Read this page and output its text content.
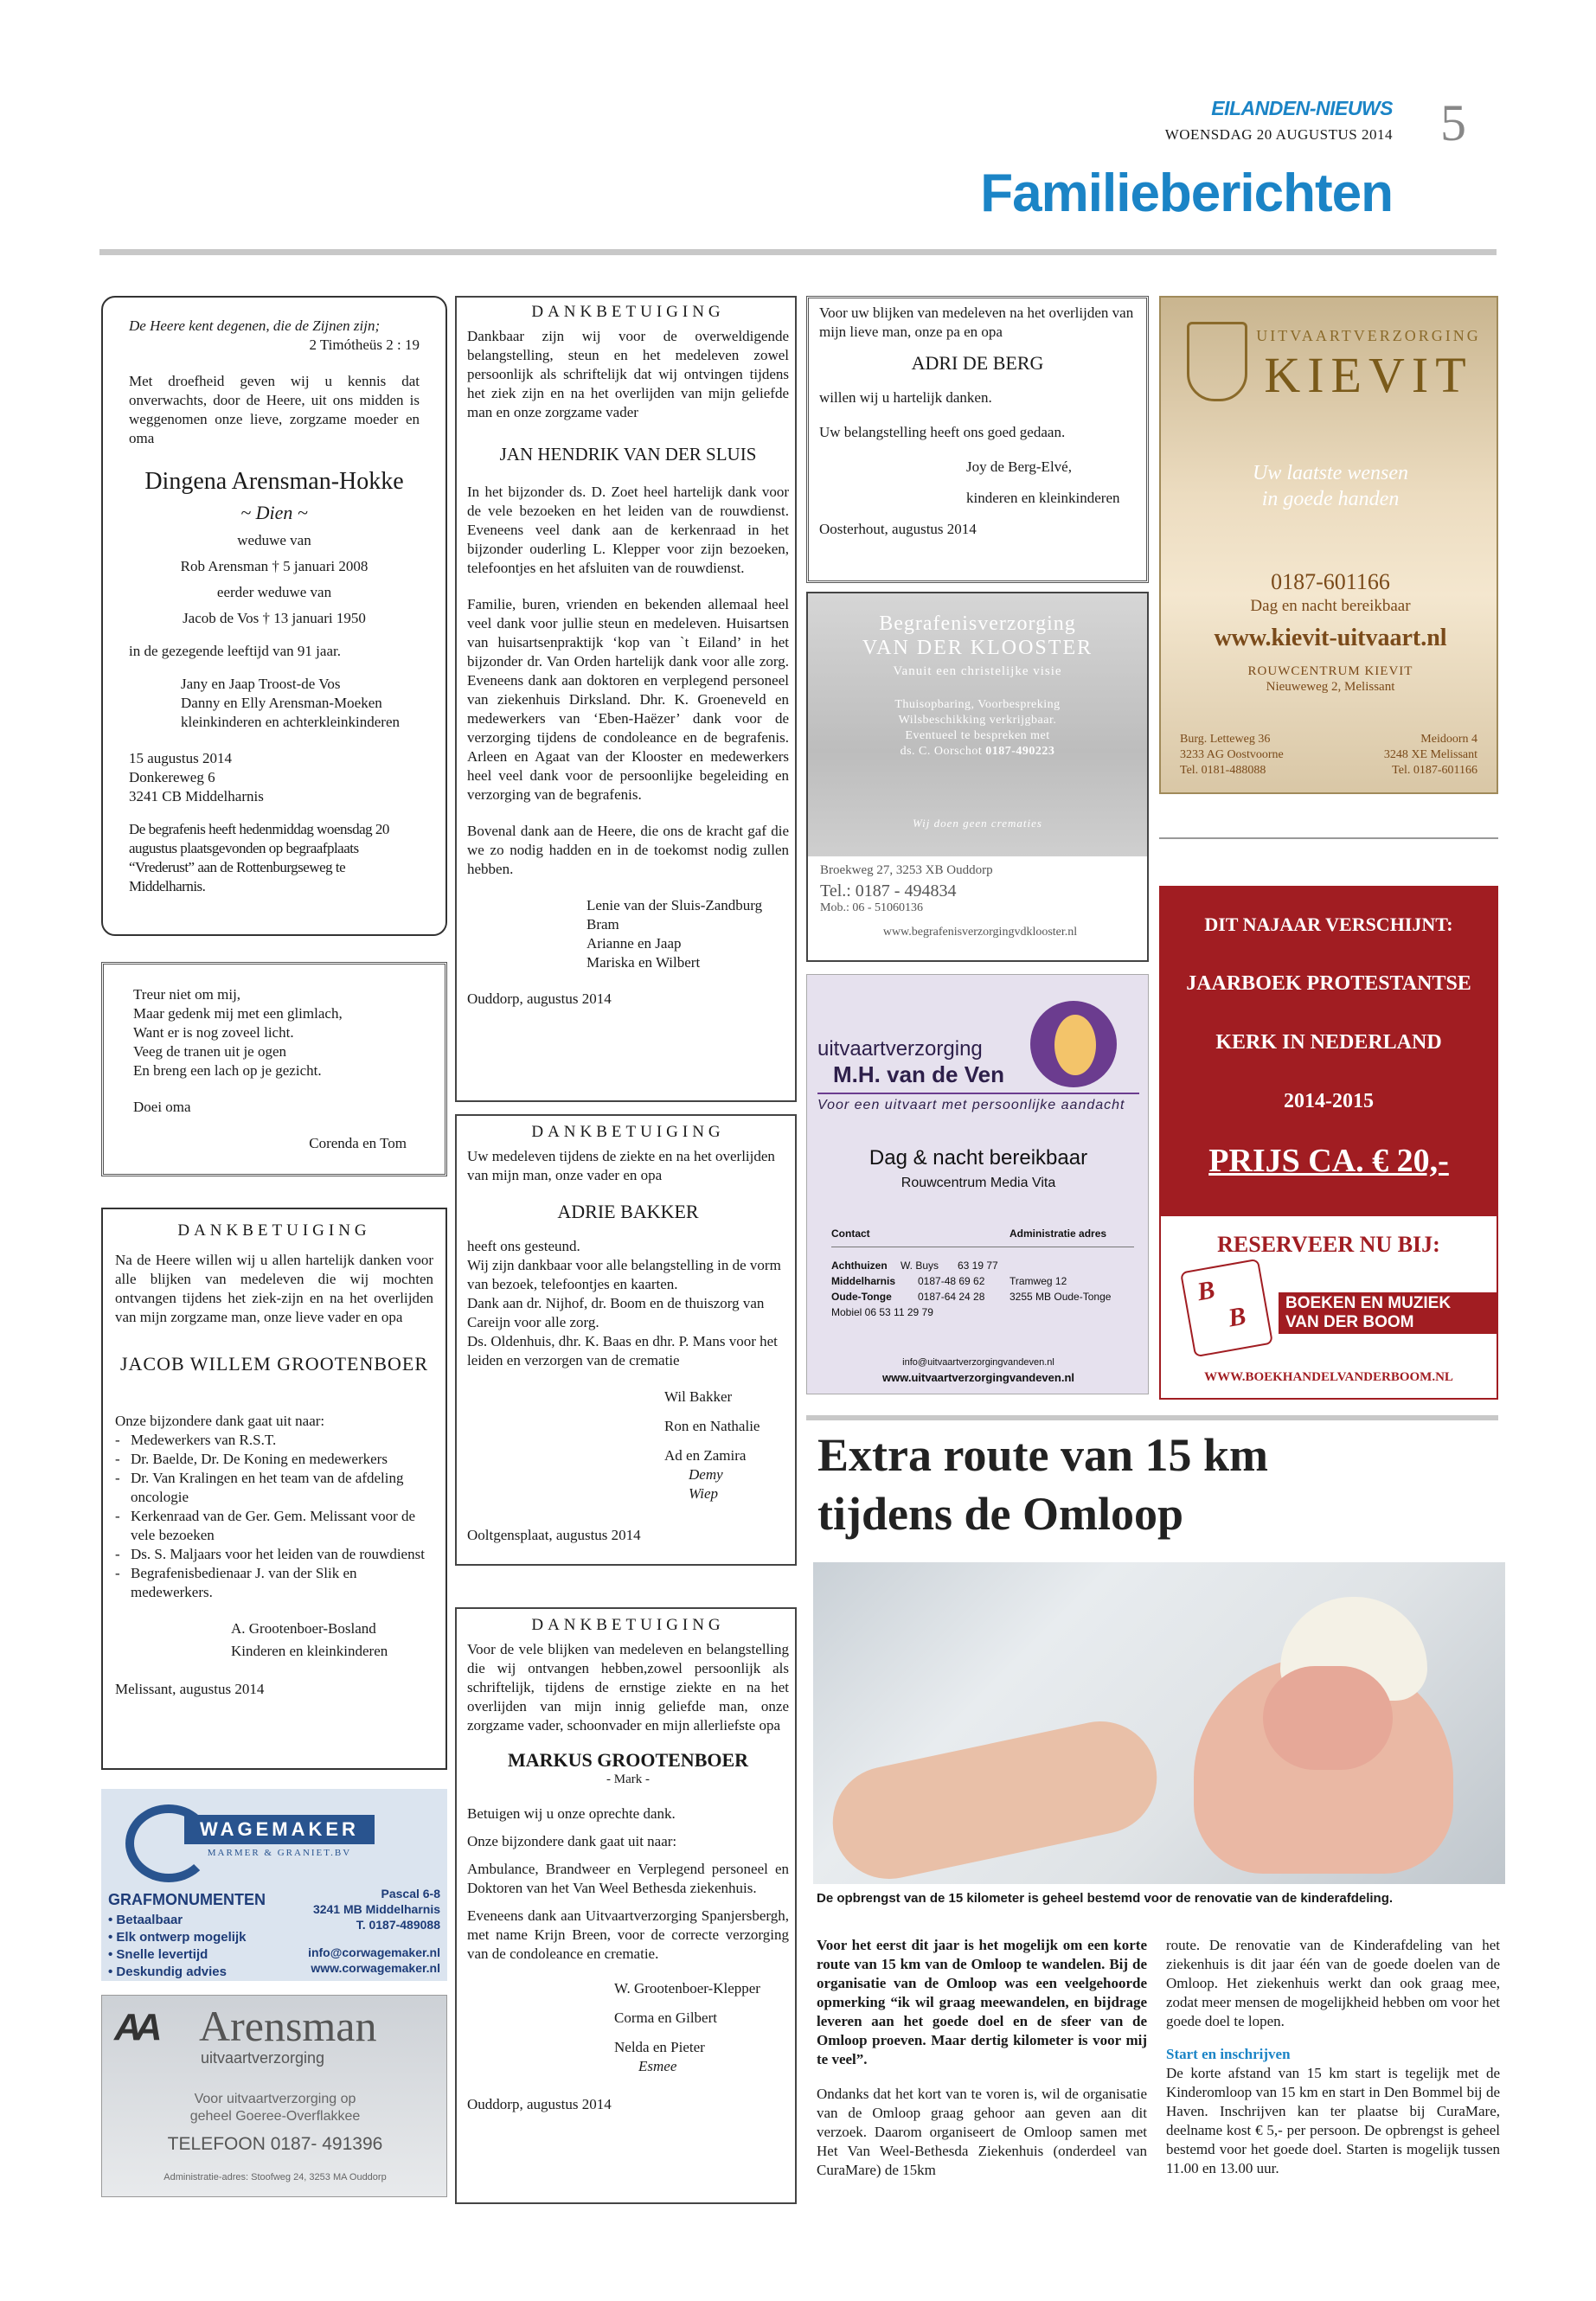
EILANDEN-NIEUWS
WOENSDAG 20 AUGUSTUS 2014 5
Familieberichten

De Heere kent degenen, die de Zijnen zijn;

2 Timótheüs 2 : 19

Met droefheid geven wij u kennis dat onverwachts, door de Heere, uit ons midden is weggenomen onze lieve, zorgzame moeder en oma

Dingena Arensman-Hokke

~ Dien ~

weduwe van

Rob Arensman † 5 januari 2008

eerder weduwe van

Jacob de Vos † 13 januari 1950

in de gezegende leeftijd van 91 jaar.

Jany en Jaap Troost-de Vos

Danny en Elly Arensman-Moeken

kleinkinderen en achterkleinkinderen

15 augustus 2014

Donkereweg 6

3241 CB Middelharnis

De begrafenis heeft hedenmiddag woensdag 20 augustus plaatsgevonden op begraafplaats “Vrederust” aan de Rottenburgseweg te Middelharnis.

Treur niet om mij,

Maar gedenk mij met een glimlach,

Want er is nog zoveel licht.

Veeg de tranen uit je ogen

En breng een lach op je gezicht.

Doei oma

Corenda en Tom

DANKBETUIGING

Na de Heere willen wij u allen hartelijk danken voor alle blijken van medeleven die wij mochten ontvangen tijdens het ziek-zijn en na het overlijden van mijn zorgzame man, onze lieve vader en opa

JACOB WILLEM GROOTENBOER

Onze bijzondere dank gaat uit naar:

- Medewerkers van R.S.T.
- Dr. Baelde, Dr. De Koning en medewerkers
- Dr. Van Kralingen en het team van de afdeling oncologie
- Kerkenraad van de Ger. Gem. Melissant voor de vele bezoeken
- Ds. S. Maljaars voor het leiden van de rouwdienst
- Begrafenisbedienaar J. van der Slik en medewerkers.

A. Grootenboer-Bosland

Kinderen en kleinkinderen

Melissant, augustus 2014

WAGEMAKER
MARMER & GRANIET.BV
GRAFMONUMENTEN
• Betaalbaar
• Elk ontwerp mogelijk
• Snelle levertijd
• Deskundig advies
Pascal 6-8
3241 MB Middelharnis
T. 0187-489088
info@corwagemaker.nl
www.corwagemaker.nl
AA Arensman
uitvaartverzorging
Voor uitvaartverzorging op
geheel Goeree-Overflakkee
TELEFOON 0187- 491396
Administratie-adres: Stoofweg 24, 3253 MA Ouddorp

DANKBETUIGING

Dankbaar zijn wij voor de overweldigende belangstelling, steun en het medeleven zowel persoonlijk als schriftelijk dat wij ontvingen tijdens het ziek zijn en na het overlijden van mijn geliefde man en onze zorgzame vader

JAN HENDRIK VAN DER SLUIS

In het bijzonder ds. D. Zoet heel hartelijk dank voor de vele bezoeken en het leiden van de rouwdienst. Eveneens veel dank aan de kerkenraad in het bijzonder ouderling L. Klepper voor zijn bezoeken, telefoontjes en het afsluiten van de rouwdienst.

Familie, buren, vrienden en bekenden allemaal heel veel dank voor jullie steun en medeleven. Huisartsen van huisartsenpraktijk ‘kop van `t Eiland’ in het bijzonder dr. Van Orden hartelijk dank voor alle zorg. Eveneens dank aan doktoren en verplegend personeel van ziekenhuis Dirksland. Dhr. K. Groeneveld en medewerkers van ‘Eben-Haëzer’ dank voor de verzorging tijdens de condoleance en de begrafenis. Arleen en Agaat van der Klooster en medewerkers heel veel dank voor de persoonlijke begeleiding en verzorging van de begrafenis.

Bovenal dank aan de Heere, die ons de kracht gaf die we zo nodig hadden en in de toekomst nodig zullen hebben.

Lenie van der Sluis-Zandburg

Bram

Arianne en Jaap

Mariska en Wilbert

Ouddorp, augustus 2014

DANKBETUIGING

Uw medeleven tijdens de ziekte en na het overlijden van mijn man, onze vader en opa

ADRIE BAKKER

heeft ons gesteund.

Wij zijn dankbaar voor alle belangstelling in de vorm van bezoek, telefoontjes en kaarten.

Dank aan dr. Nijhof, dr. Boom en de thuiszorg van Careijn voor alle zorg.

Ds. Oldenhuis, dhr. K. Baas en dhr. P. Mans voor het leiden en verzorgen van de crematie

Wil Bakker

Ron en Nathalie

Ad en Zamira

Demy

Wiep

Ooltgensplaat, augustus 2014

DANKBETUIGING

Voor de vele blijken van medeleven en belangstelling die wij ontvangen hebben,zowel persoonlijk als schriftelijk, tijdens de ernstige ziekte en na het overlijden van mijn innig geliefde man, onze zorgzame vader, schoonvader en mijn allerliefste opa

MARKUS GROOTENBOER

- Mark -

Betuigen wij u onze oprechte dank.

Onze bijzondere dank gaat uit naar:

Ambulance, Brandweer en Verplegend personeel en Doktoren van het Van Weel Bethesda ziekenhuis.

Eveneens dank aan Uitvaartverzorging Spanjersbergh, met name Krijn Breen, voor de correcte verzorging van de condoleance en crematie.

W. Grootenboer-Klepper

Corma en Gilbert

Nelda en Pieter

Esmee

Ouddorp, augustus 2014

Voor uw blijken van medeleven na het overlijden van mijn lieve man, onze pa en opa

ADRI DE BERG

willen wij u hartelijk danken.

Uw belangstelling heeft ons goed gedaan.

Joy de Berg-Elvé,

kinderen en kleinkinderen

Oosterhout, augustus 2014

Begrafenisverzorging
VAN DER KLOOSTER
Vanuit een christelijke visie
Thuisopbaring, Voorbespreking
Wilsbeschikking verkrijgbaar.
Eventueel te bespreken met
ds. C. Oorschot 0187-490223
Wij doen geen crematies
Broekweg 27, 3253 XB Ouddorp
Tel.: 0187 - 494834
Mob.: 06 - 51060136
www.begrafenisverzorgingvdklooster.nl
uitvaartverzorging
M.H. van de Ven
Voor een uitvaart met persoonlijke aandacht
Dag & nacht bereikbaar
Rouwcentrum Media Vita
Contact	Administratie adres
Achthuizen	W. Buys	63 19 77
Middelharnis	0187-48 69 62	Tramweg 12
Oude-Tonge	0187-64 24 28	3255 MB Oude-Tonge
Mobiel 06 53 11 29 79
info@uitvaartverzorgingvandeven.nl
www.uitvaartverzorgingvandeven.nl
UITVAARTVERZORGING
KIEVIT
Uw laatste wensen
in goede handen
0187-601166
Dag en nacht bereikbaar
www.kievit-uitvaart.nl
ROUWCENTRUM KIEVIT
Nieuweweg 2, Melissant
Burg. Letteweg 36
3233 AG Oostvoorne
Tel. 0181-488088
Meidoorn 4
3248 XE Melissant
Tel. 0187-601166
DIT NAJAAR VERSCHIJNT:
JAARBOEK PROTESTANTSE
KERK IN NEDERLAND
2014-2015
PRIJS CA. € 20,-
RESERVEER NU BIJ:
B
B BOEKEN EN MUZIEK
VAN DER BOOM
WWW.BOEKHANDELVANDERBOOM.NL
Extra route van 15 km
tijdens de Omloop
De opbrengst van de 15 kilometer is geheel bestemd voor de renovatie van de kinderafdeling.

Voor het eerst dit jaar is het mogelijk om een korte route van 15 km van de Omloop te wandelen. Bij de organisatie van de Omloop was een veelgehoorde opmerking “ik wil graag meewandelen, en bijdrage leveren aan het goede doel en de sfeer van de Omloop proeven. Maar dertig kilometer is voor mij te veel”.

Ondanks dat het kort van te voren is, wil de organisatie van de Omloop graag gehoor aan geven aan dit verzoek. Daarom organiseert de Omloop samen met Het Van Weel-Bethesda Ziekenhuis (onderdeel van CuraMare) de 15km

route. De renovatie van de Kinderafdeling van het ziekenhuis is dit jaar één van de goede doelen van de Omloop. Het ziekenhuis werkt dan ook graag mee, zodat meer mensen de mogelijkheid hebben om voor het goede doel te lopen.

Start en inschrijven

De korte afstand van 15 km start is tegelijk met de Kinderomloop van 15 km en start in Den Bommel bij de Haven. Inschrijven kan ter plaatse bij CuraMare, deelname kost € 5,- per persoon. De opbrengst is geheel bestemd voor het goede doel. Starten is mogelijk tussen 11.00 en 13.00 uur.
